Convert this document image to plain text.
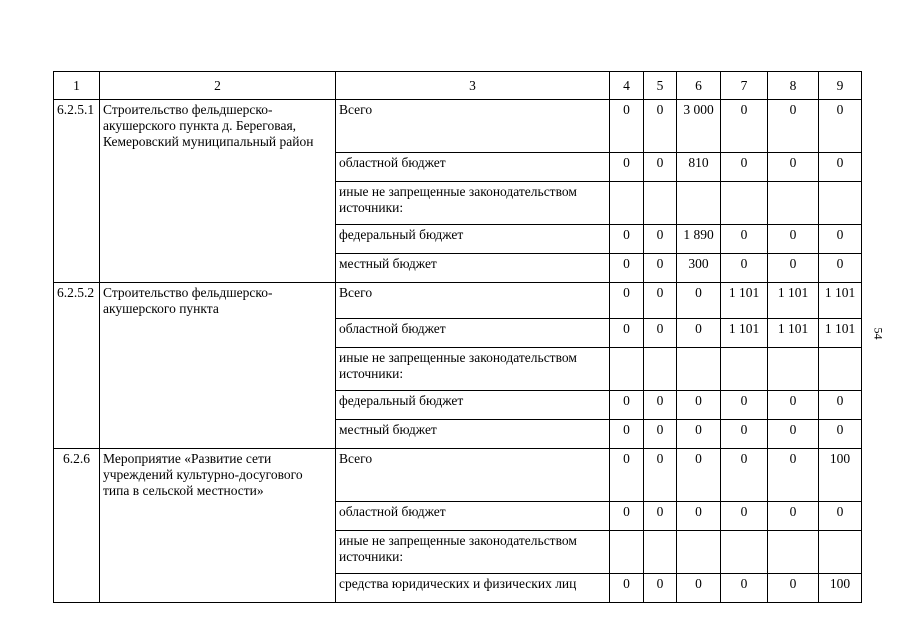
1	2	3	4	5	6	7	8	9
6.2.5.1	Строительство фельдшерско-акушерского пункта д. Береговая, Кемеровский муниципальный район	Всего	0	0	3 000	0	0	0
		областной бюджет	0	0	810	0	0	0
		иные не запрещенные законодательством источники:						
		федеральный бюджет	0	0	1 890	0	0	0
		местный бюджет	0	0	300	0	0	0
6.2.5.2	Строительство фельдшерско-акушерского пункта	Всего	0	0	0	1 101	1 101	1 101
		областной бюджет	0	0	0	1 101	1 101	1 101
		иные не запрещенные законодательством источники:						
		федеральный бюджет	0	0	0	0	0	0
		местный бюджет	0	0	0	0	0	0
6.2.6	Мероприятие «Развитие сети учреждений культурно-досугового типа в сельской местности»	Всего	0	0	0	0	0	100
		областной бюджет	0	0	0	0	0	0
		иные не запрещенные законодательством источники:						
		средства юридических и физических лиц	0	0	0	0	0	100
54
